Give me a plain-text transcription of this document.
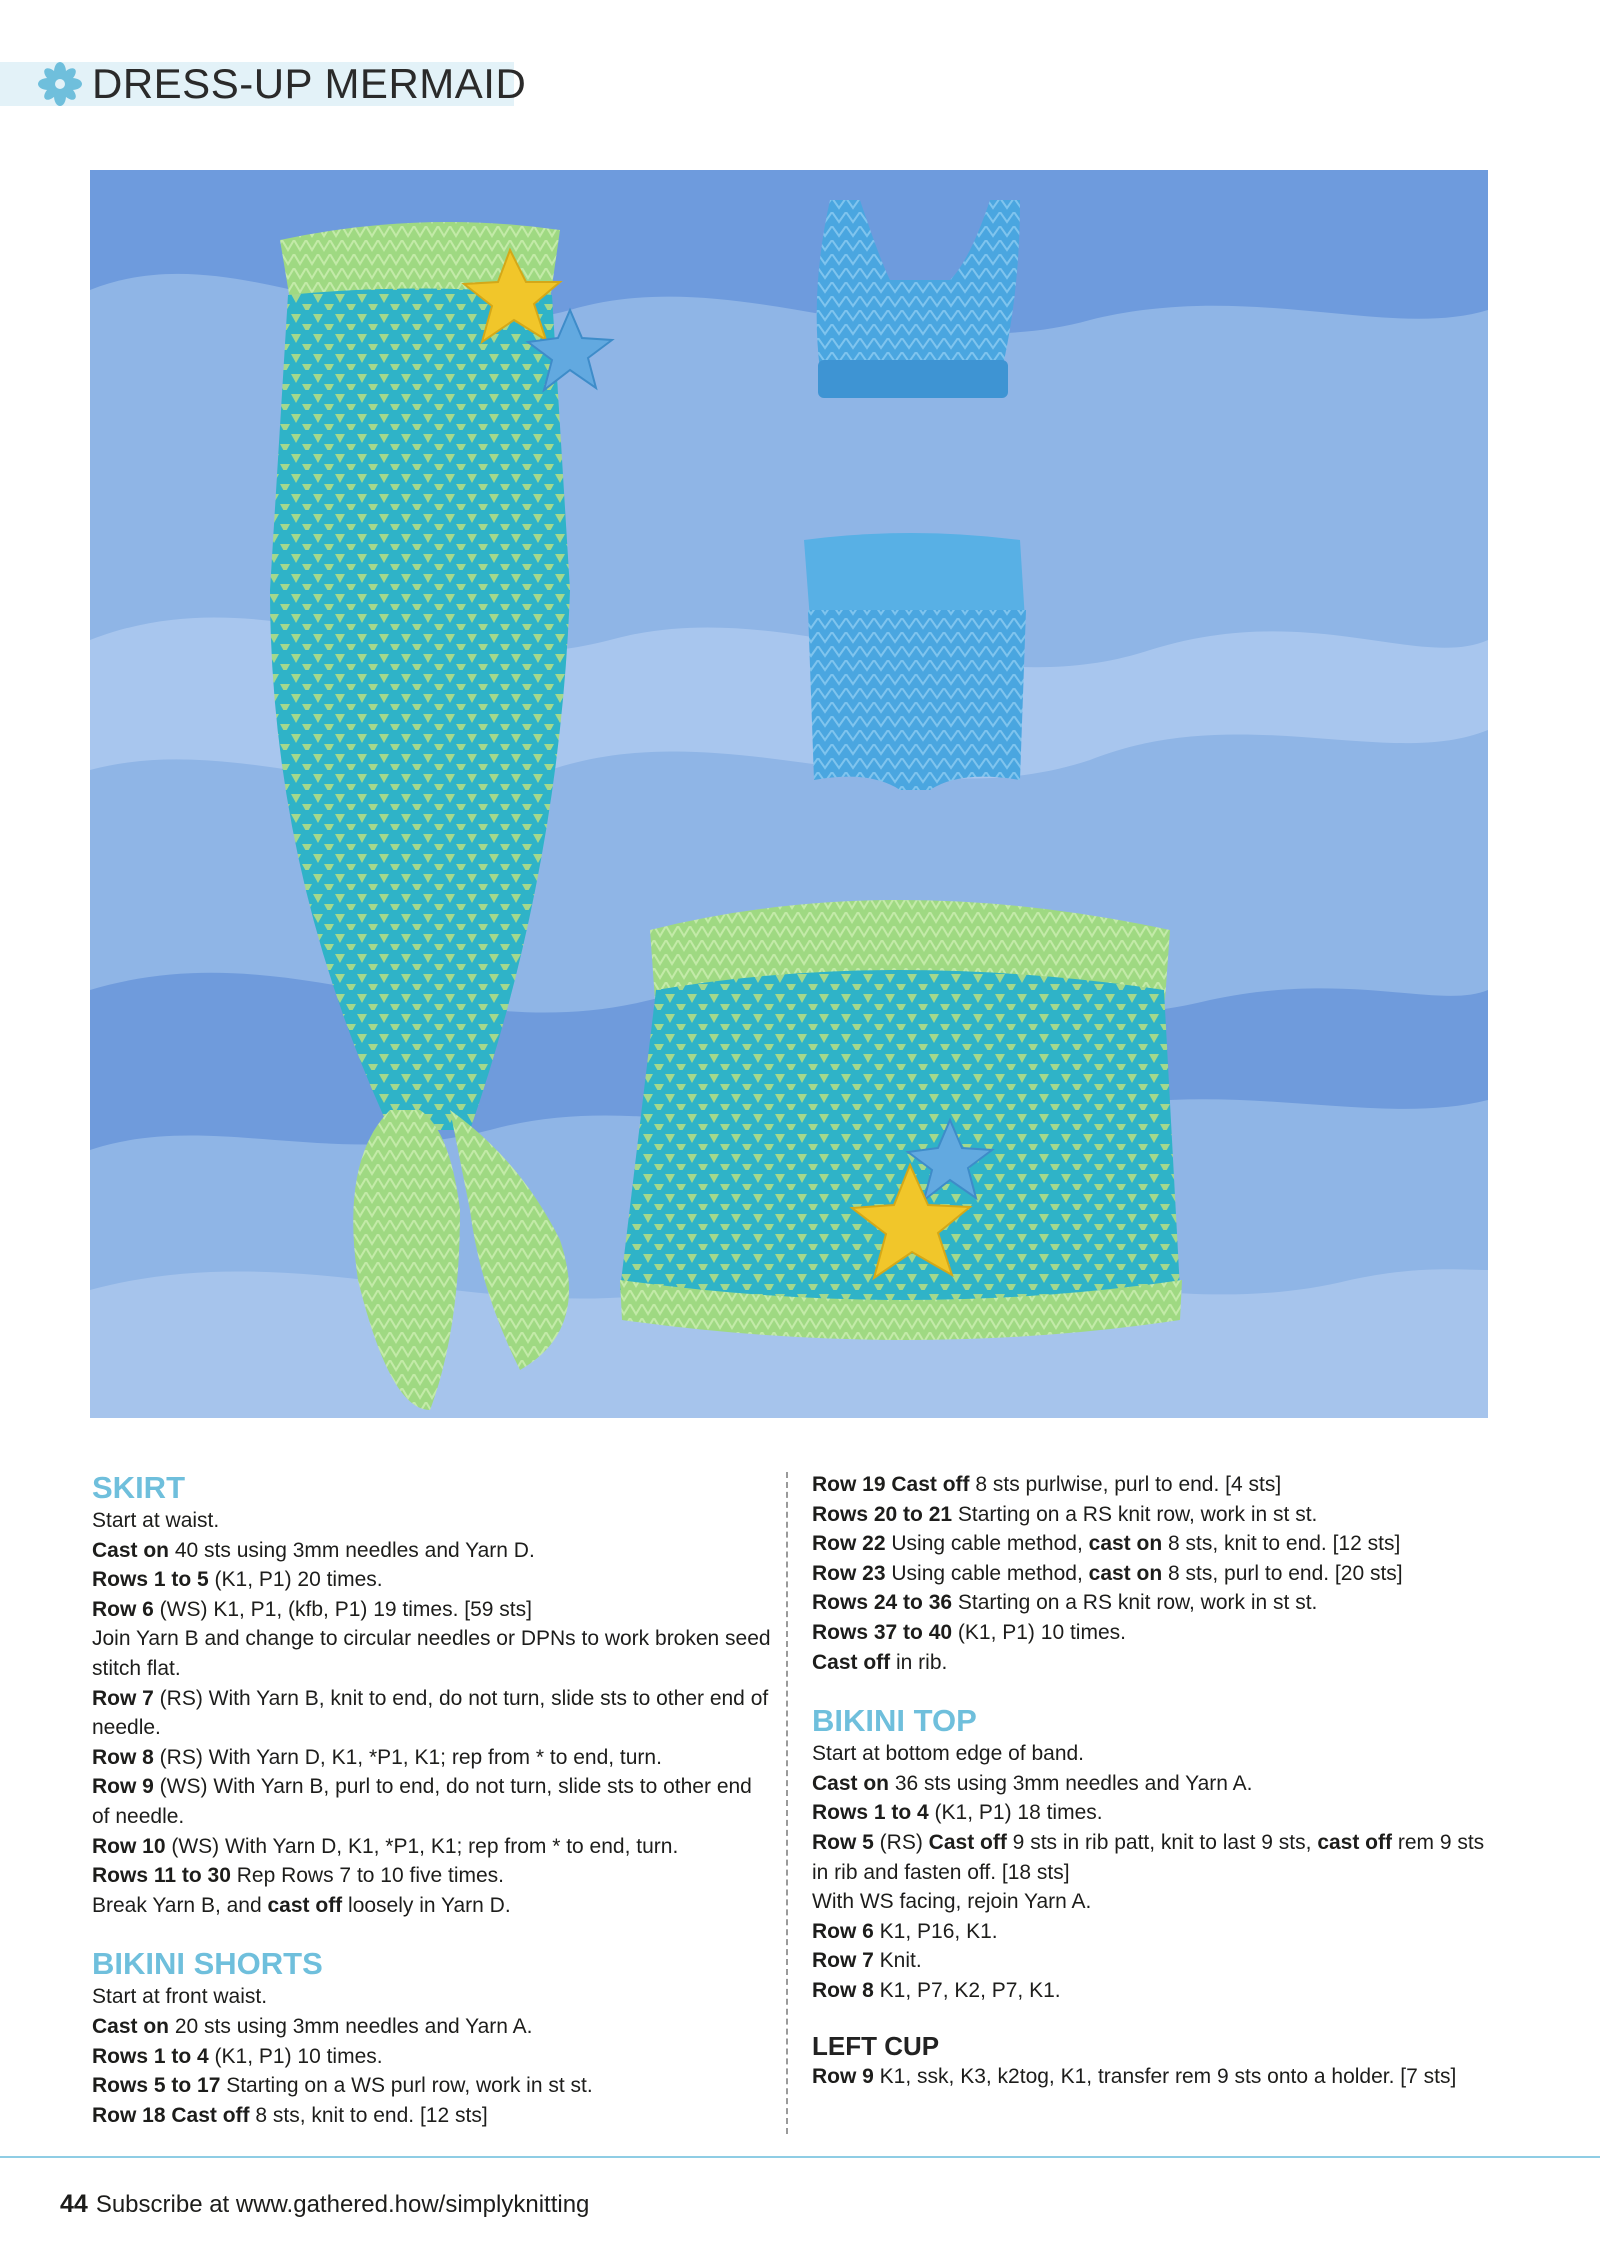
DRESS-UP MERMAID
SKIRT

Start at waist.

Cast on 40 sts using 3mm needles and Yarn D.

Rows 1 to 5 (K1, P1) 20 times.

Row 6 (WS) K1, P1, (kfb, P1) 19 times. [59 sts]

Join Yarn B and change to circular needles or DPNs to work broken seed stitch flat.

Row 7 (RS) With Yarn B, knit to end, do not turn, slide sts to other end of needle.

Row 8 (RS) With Yarn D, K1, *P1, K1; rep from * to end, turn.

Row 9 (WS) With Yarn B, purl to end, do not turn, slide sts to other end of needle.

Row 10 (WS) With Yarn D, K1, *P1, K1; rep from * to end, turn.

Rows 11 to 30 Rep Rows 7 to 10 five times.

Break Yarn B, and cast off loosely in Yarn D.

BIKINI SHORTS

Start at front waist.

Cast on 20 sts using 3mm needles and Yarn A.

Rows 1 to 4 (K1, P1) 10 times.

Rows 5 to 17 Starting on a WS purl row, work in st st.

Row 18 Cast off 8 sts, knit to end. [12 sts]

Row 19 Cast off 8 sts purlwise, purl to end. [4 sts]

Rows 20 to 21 Starting on a RS knit row, work in st st.

Row 22 Using cable method, cast on 8 sts, knit to end. [12 sts]

Row 23 Using cable method, cast on 8 sts, purl to end. [20 sts]

Rows 24 to 36 Starting on a RS knit row, work in st st.

Rows 37 to 40 (K1, P1) 10 times.

Cast off in rib.

BIKINI TOP

Start at bottom edge of band.

Cast on 36 sts using 3mm needles and Yarn A.

Rows 1 to 4 (K1, P1) 18 times.

Row 5 (RS) Cast off 9 sts in rib patt, knit to last 9 sts, cast off rem 9 sts in rib and fasten off. [18 sts]

With WS facing, rejoin Yarn A.

Row 6 K1, P16, K1.

Row 7 Knit.

Row 8 K1, P7, K2, P7, K1.

LEFT CUP

Row 9 K1, ssk, K3, k2tog, K1, transfer rem 9 sts onto a holder. [7 sts]

44 Subscribe at www.gathered.how/simplyknitting
